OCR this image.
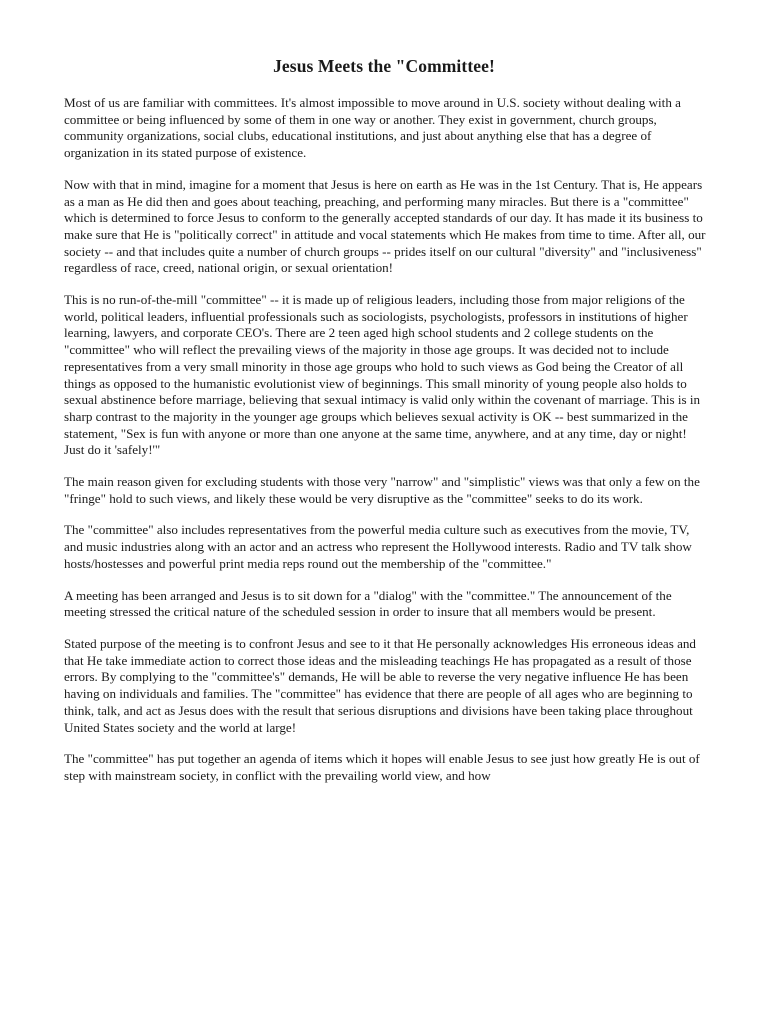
Jesus Meets the "Committee!

Most of us are familiar with committees. It's almost impossible to move around in U.S. society without dealing with a committee or being influenced by some of them in one way or another. They exist in government, church groups, community organizations, social clubs, educational institutions, and just about anything else that has a degree of organization in its stated purpose of existence.

Now with that in mind, imagine for a moment that Jesus is here on earth as He was in the 1st Century. That is, He appears as a man as He did then and goes about teaching, preaching, and performing many miracles. But there is a "committee" which is determined to force Jesus to conform to the generally accepted standards of our day. It has made it its business to make sure that He is "politically correct" in attitude and vocal statements which He makes from time to time. After all, our society -- and that includes quite a number of church groups -- prides itself on our cultural "diversity" and "inclusiveness" regardless of race, creed, national origin, or sexual orientation!

This is no run-of-the-mill "committee" -- it is made up of religious leaders, including those from major religions of the world, political leaders, influential professionals such as sociologists, psychologists, professors in institutions of higher learning, lawyers, and corporate CEO's. There are 2 teen aged high school students and 2 college students on the "committee" who will reflect the prevailing views of the majority in those age groups. It was decided not to include representatives from a very small minority in those age groups who hold to such views as God being the Creator of all things as opposed to the humanistic evolutionist view of beginnings. This small minority of young people also holds to sexual abstinence before marriage, believing that sexual intimacy is valid only within the covenant of marriage. This is in sharp contrast to the majority in the younger age groups which believes sexual activity is OK -- best summarized in the statement, "Sex is fun with anyone or more than one anyone at the same time, anywhere, and at any time, day or night! Just do it 'safely!'"

The main reason given for excluding students with those very "narrow" and "simplistic" views was that only a few on the "fringe" hold to such views, and likely these would be very disruptive as the "committee" seeks to do its work.

The "committee" also includes representatives from the powerful media culture such as executives from the movie, TV, and music industries along with an actor and an actress who represent the Hollywood interests. Radio and TV talk show hosts/hostesses and powerful print media reps round out the membership of the "committee."

A meeting has been arranged and Jesus is to sit down for a "dialog" with the "committee." The announcement of the meeting stressed the critical nature of the scheduled session in order to insure that all members would be present.

Stated purpose of the meeting is to confront Jesus and see to it that He personally acknowledges His erroneous ideas and that He take immediate action to correct those ideas and the misleading teachings He has propagated as a result of those errors. By complying to the "committee's" demands, He will be able to reverse the very negative influence He has been having on individuals and families. The "committee" has evidence that there are people of all ages who are beginning to think, talk, and act as Jesus does with the result that serious disruptions and divisions have been taking place throughout United States society and the world at large!

The "committee" has put together an agenda of items which it hopes will enable Jesus to see just how greatly He is out of step with mainstream society, in conflict with the prevailing world view, and how
